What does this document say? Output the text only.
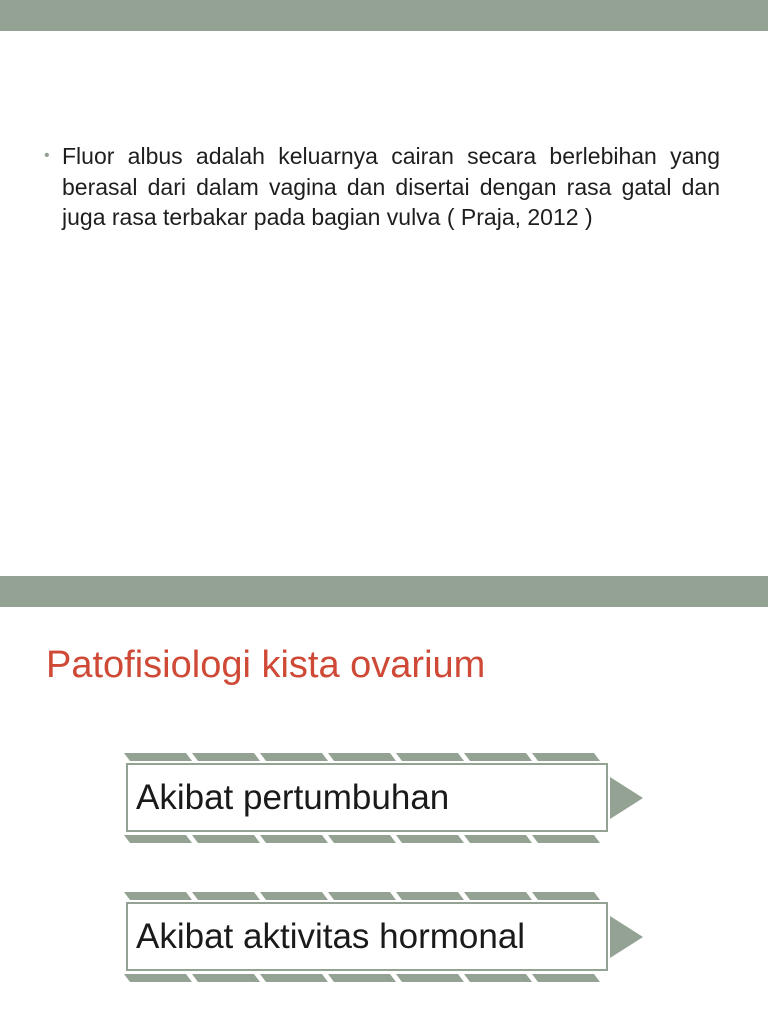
• Fluor albus adalah keluarnya cairan secara berlebihan yang berasal dari dalam vagina dan disertai dengan rasa gatal dan juga rasa terbakar pada bagian vulva ( Praja, 2012 )

Patofisiologi kista ovarium
Akibat pertumbuhan
Akibat aktivitas hormonal
